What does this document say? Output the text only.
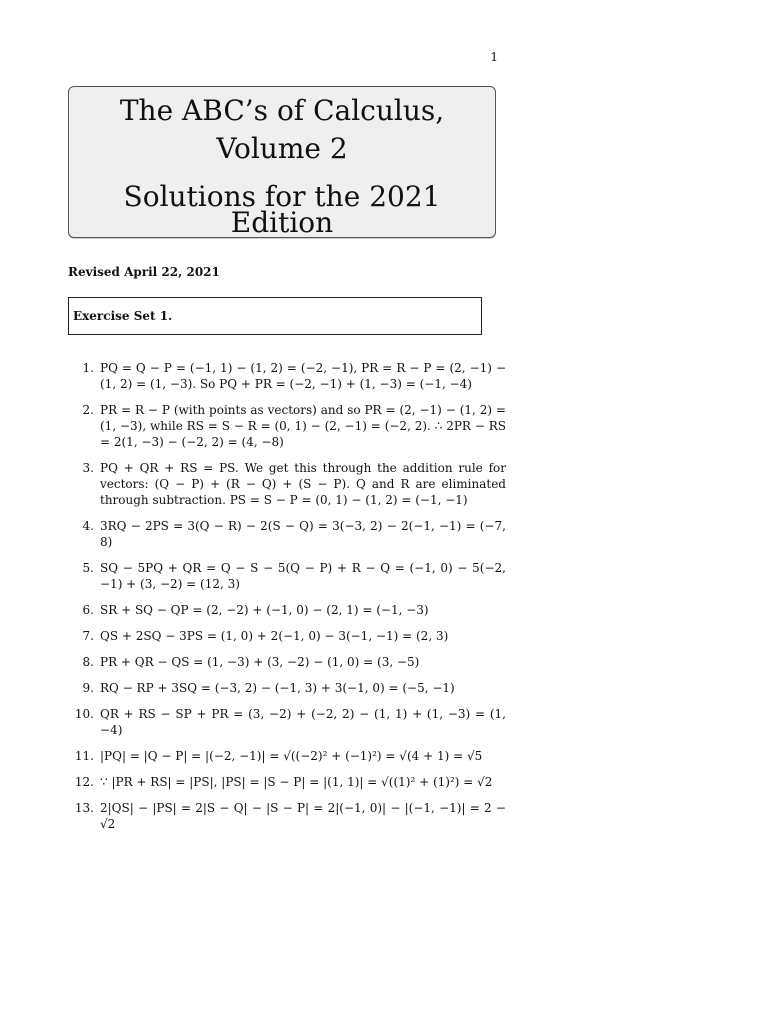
1
The ABC’s of Calculus,
Volume 2
Solutions for the 2021
Edition
Revised April 22, 2021
Exercise Set 1.
1. PQ = Q − P = (−1, 1) − (1, 2) = (−2, −1), PR = R − P = (2, −1) − (1, 2) = (1, −3). So PQ + PR = (−2, −1) + (1, −3) = (−1, −4)
2. PR = R − P (with points as vectors) and so PR = (2, −1) − (1, 2) = (1, −3), while RS = S − R = (0, 1) − (2, −1) = (−2, 2). ∴ 2PR − RS = 2(1, −3) − (−2, 2) = (4, −8)
3. PQ + QR + RS = PS. We get this through the addition rule for vectors: (Q − P) + (R − Q) + (S − P). Q and R are eliminated through subtraction. PS = S − P = (0, 1) − (1, 2) = (−1, −1)
4. 3RQ − 2PS = 3(Q − R) − 2(S − Q) = 3(−3, 2) − 2(−1, −1) = (−7, 8)
5. SQ − 5PQ + QR = Q − S − 5(Q − P) + R − Q = (−1, 0) − 5(−2, −1) + (3, −2) = (12, 3)
6. SR + SQ − QP = (2, −2) + (−1, 0) − (2, 1) = (−1, −3)
7. QS + 2SQ − 3PS = (1, 0) + 2(−1, 0) − 3(−1, −1) = (2, 3)
8. PR + QR − QS = (1, −3) + (3, −2) − (1, 0) = (3, −5)
9. RQ − RP + 3SQ = (−3, 2) − (−1, 3) + 3(−1, 0) = (−5, −1)
10. QR + RS − SP + PR = (3, −2) + (−2, 2) − (1, 1) + (1, −3) = (1, −4)
11. |PQ| = |Q − P| = |(−2, −1)| = √((−2)² + (−1)²) = √(4 + 1) = √5
12. ∵ |PR + RS| = |PS|, |PS| = |S − P| = |(1, 1)| = √((1)² + (1)²) = √2
13. 2|QS| − |PS| = 2|S − Q| − |S − P| = 2|(−1, 0)| − |(−1, −1)| = 2 − √2
